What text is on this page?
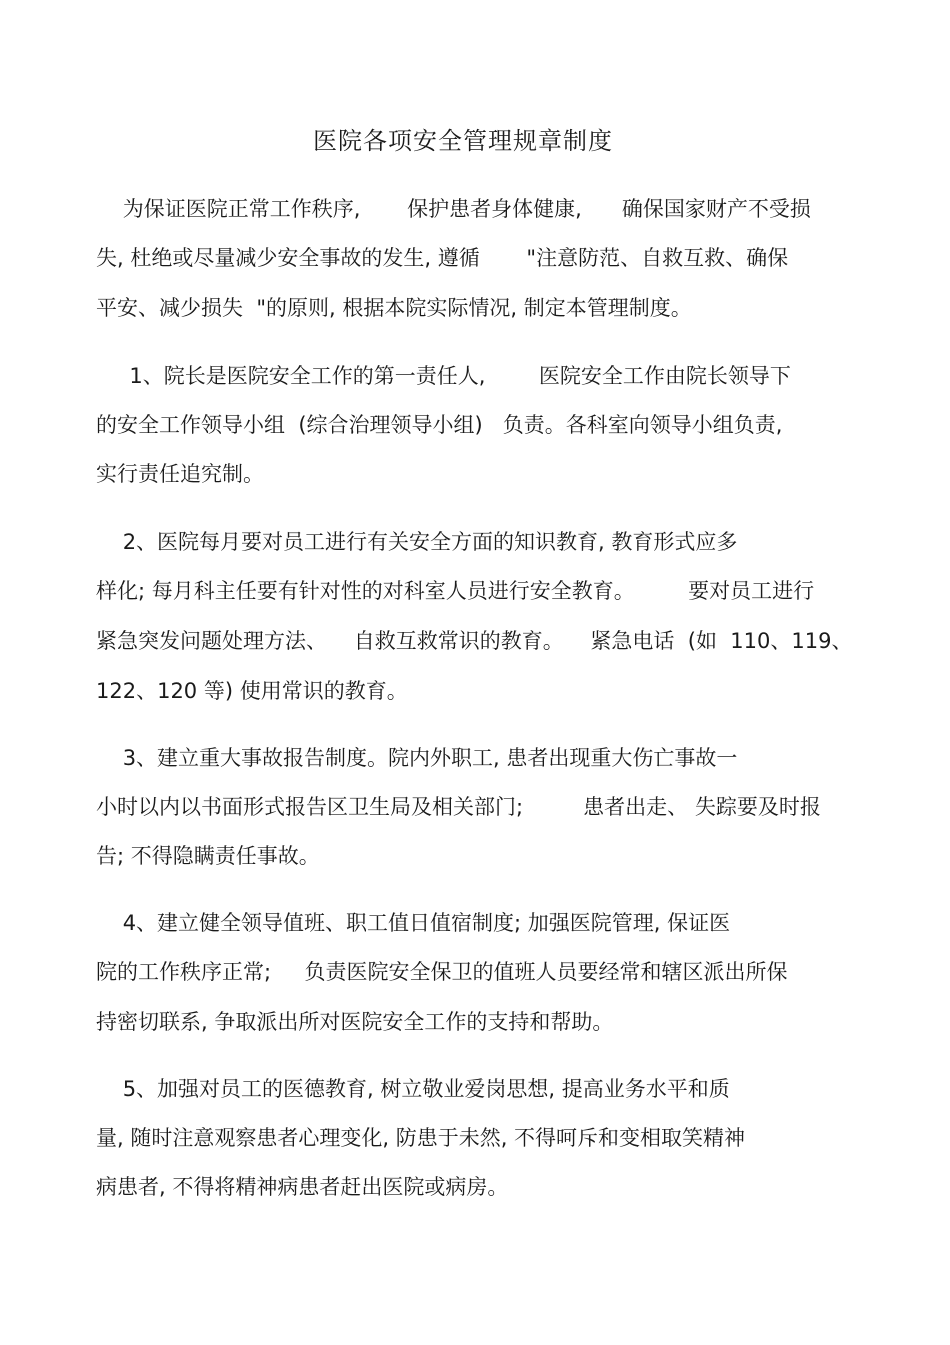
医院各项安全管理规章制度
为保证医院正常工作秩序,       保护患者身体健康,      确保国家财产不受损
失, 杜绝或尽量减少安全事故的发生, 遵循       "注意防范、自救互救、确保
平安、减少损失  "的原则, 根据本院实际情况, 制定本管理制度。
1、院长是医院安全工作的第一责任人,        医院安全工作由院长领导下
的安全工作领导小组  (综合治理领导小组)   负责。各科室向领导小组负责,
实行责任追究制。
2、医院每月要对员工进行有关安全方面的知识教育, 教育形式应多
样化; 每月科主任要有针对性的对科室人员进行安全教育。        要对员工进行
紧急突发问题处理方法、    自救互救常识的教育。    紧急电话  (如  110、119、
122、120 等) 使用常识的教育。
3、建立重大事故报告制度。院内外职工, 患者出现重大伤亡事故一
小时以内以书面形式报告区卫生局及相关部门;         患者出走、 失踪要及时报
告; 不得隐瞒责任事故。
4、建立健全领导值班、职工值日值宿制度; 加强医院管理, 保证医
院的工作秩序正常;     负责医院安全保卫的值班人员要经常和辖区派出所保
持密切联系, 争取派出所对医院安全工作的支持和帮助。
5、加强对员工的医德教育, 树立敬业爱岗思想, 提高业务水平和质
量, 随时注意观察患者心理变化, 防患于未然, 不得呵斥和变相取笑精神
病患者, 不得将精神病患者赶出医院或病房。
